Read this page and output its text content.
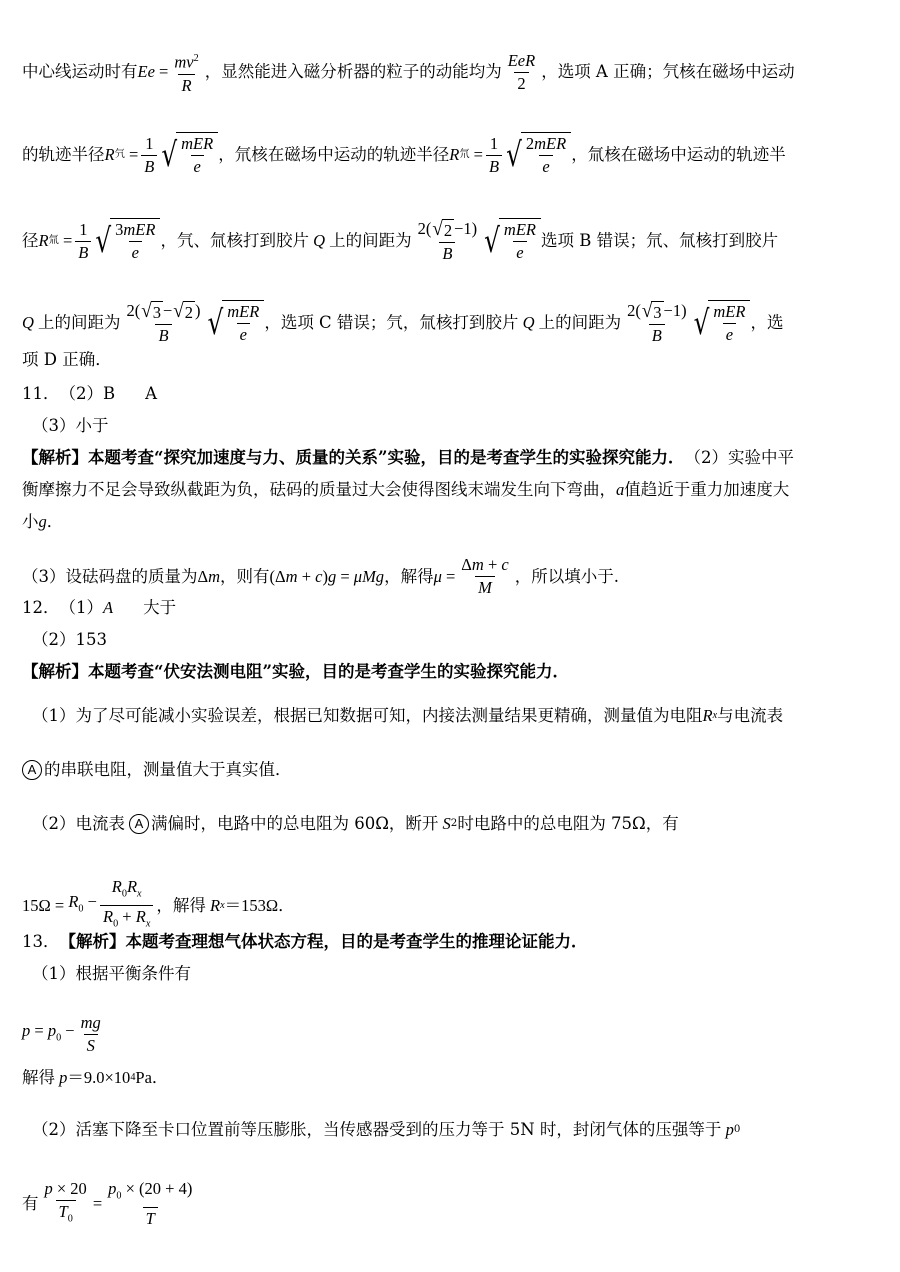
中心线运动时有 $Ee = \frac{mv^2}{R}$ ，显然能进入磁分析器的粒子的动能均为 $\frac{\text{EeR}}{2}$ ，选项 A 正确；氕核在磁场中运动
的轨迹半径 R 氕 = $\frac{1}{B}$ √ $\frac{\text{mER}}{e}$ ，氘核在磁场中运动的轨迹半径 R 氘 = $\frac{1}{B}$ √ $\frac{\text{2mER}}{e}$ ，氚核在磁场中运动的轨迹半
径 R 氚 = $\frac{1}{B}$ √ $\frac{\text{3mER}}{e}$ ，氕、氚核打到胶片 Q 上的间距为 $\frac{2( √ 2 -1)}{B}$ √ $\frac{\text{mER}}{e}$ 选项 B 错误；氘、氚核打到胶片
Q 上的间距为 $\frac{2( √ 3 - √ 2 )}{B}$ √ $\frac{\text{mER}}{e}$ ，选项 C 错误；氕，氚核打到胶片 Q 上的间距为 $\frac{2( √ 3 -1)}{B}$ √ $\frac{\text{mER}}{e}$ ，选
项 D 正确．
11． （2）B A
（3）小于
【解析】 本题考查“探究加速度与力、质量的关系”实验，目的是考查学生的实验探究能力． （2）实验中平
衡摩擦力不足会导致纵截距为负，砝码的质量过大会使得图线末端发生向下弯曲， a 值趋近于重力加速度大
小 g ．
（3）设砝码盘的质量为 Δm ，则有 (Δm + c)g = μMg ，解得 $\mu = \frac{\Delta m + c}{M}$ ，所以填小于.
12． （1） A 大于
（2）153
【解析】 本题考查“伏安法测电阻”实验，目的是考查学生的实验探究能力．
（1）为了尽可能减小实验误差，根据已知数据可知，内接法测量结果更精确，测量值为电阻 R x 与电流表
A 的串联电阻，测量值大于真实值．
（2）电流表 A 满偏时，电路中的总电阻为 60Ω，断开 S 2 时电路中的总电阻为 75Ω，有
$15\Omega = R_0 - \frac{R_0R_x}{R_0 + R_x}$ ，解得 R x ＝153Ω．
13． 【解析】 本题考查理想气体状态方程，目的是考查学生的推理论证能力．
（1）根据平衡条件有
$p = p_0 - \frac{mg}{S}$
解得 p ＝9.0×10 4 Pa．
（2）活塞下降至卡口位置前等压膨胀，当传感器受到的压力等于 5N 时，封闭气体的压强等于 p 0
有 $\frac{p \times 20}{T_0} = \frac{p_0 \times (20 + 4)}{T}$
